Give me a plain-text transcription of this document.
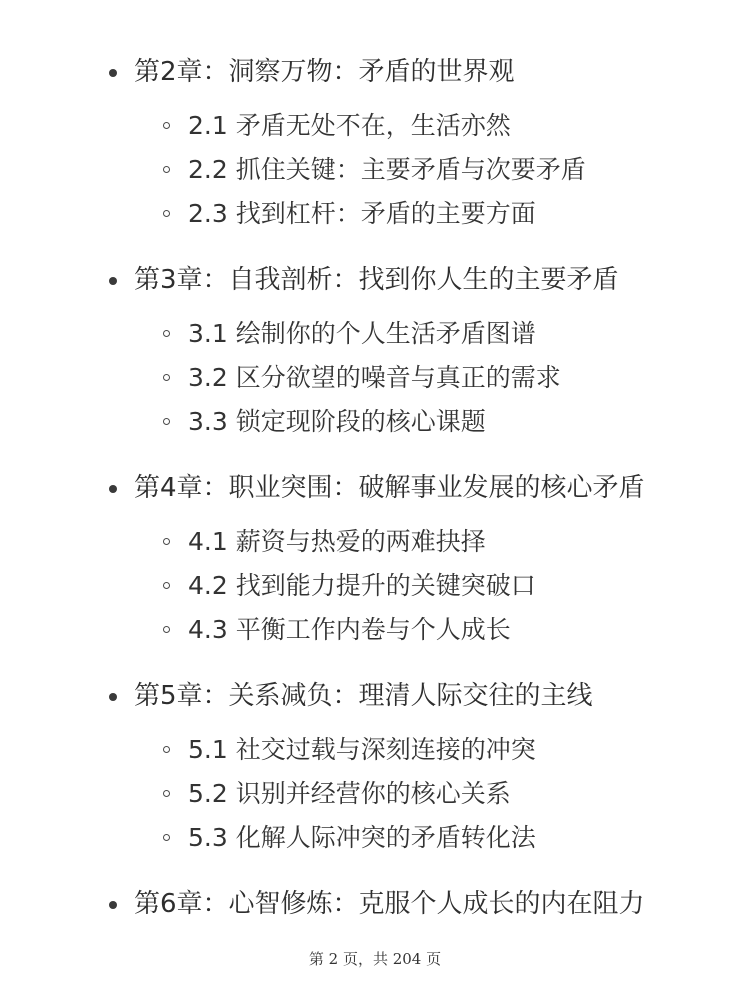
第2章：洞察万物：矛盾的世界观
2.1 矛盾无处不在，生活亦然
2.2 抓住关键：主要矛盾与次要矛盾
2.3 找到杠杆：矛盾的主要方面
第3章：自我剖析：找到你人生的主要矛盾
3.1 绘制你的个人生活矛盾图谱
3.2 区分欲望的噪音与真正的需求
3.3 锁定现阶段的核心课题
第4章：职业突围：破解事业发展的核心矛盾
4.1 薪资与热爱的两难抉择
4.2 找到能力提升的关键突破口
4.3 平衡工作内卷与个人成长
第5章：关系减负：理清人际交往的主线
5.1 社交过载与深刻连接的冲突
5.2 识别并经营你的核心关系
5.3 化解人际冲突的矛盾转化法
第6章：心智修炼：克服个人成长的内在阻力
第 2 页，共 204 页
